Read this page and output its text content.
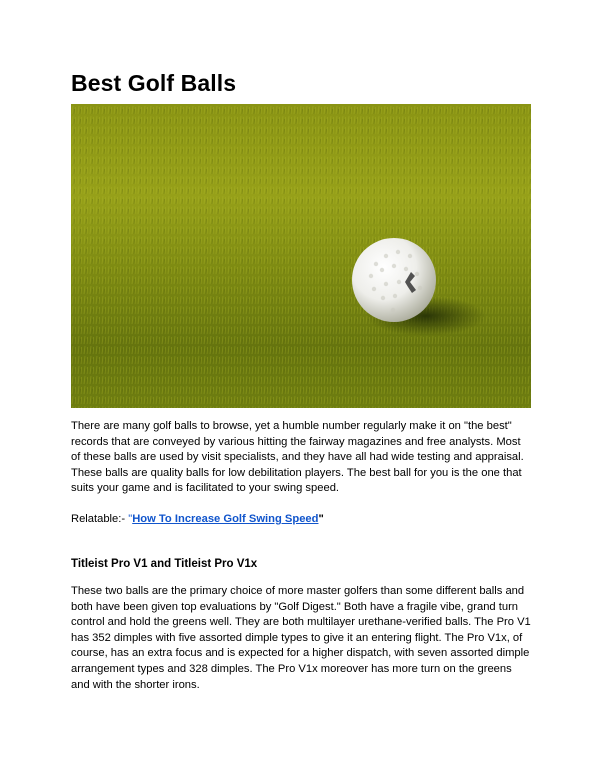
Best Golf Balls

There are many golf balls to browse, yet a humble number regularly make it on "the best" records that are conveyed by various hitting the fairway magazines and free analysts. Most of these balls are used by visit specialists, and they have all had wide testing and appraisal. These balls are quality balls for low debilitation players. The best ball for you is the one that suits your game and is facilitated to your swing speed.

Relatable:- "How To Increase Golf Swing Speed"

Titleist Pro V1 and Titleist Pro V1x

These two balls are the primary choice of more master golfers than some different balls and both have been given top evaluations by "Golf Digest." Both have a fragile vibe, grand turn control and hold the greens well. They are both multilayer urethane-verified balls. The Pro V1 has 352 dimples with five assorted dimple types to give it an entering flight. The Pro V1x, of course, has an extra focus and is expected for a higher dispatch, with seven assorted dimple arrangement types and 328 dimples. The Pro V1x moreover has more turn on the greens and with the shorter irons.
